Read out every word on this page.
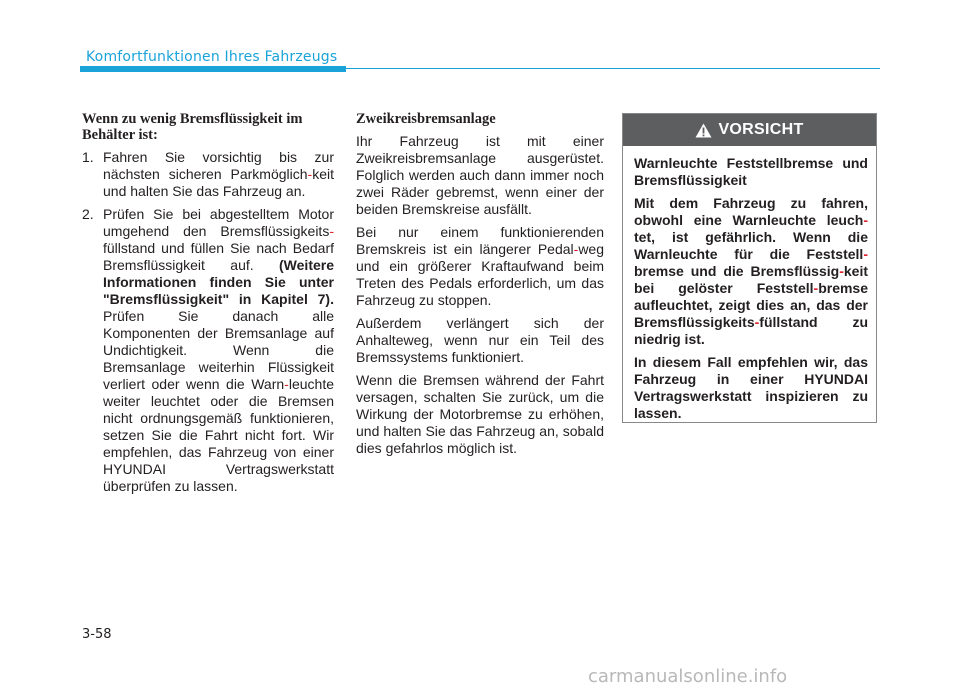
Komfortfunktionen Ihres Fahrzeugs
Wenn zu wenig Bremsflüssigkeit im Behälter ist:
1. Fahren Sie vorsichtig bis zur nächsten sicheren Parkmöglich-keit und halten Sie das Fahrzeug an.
2. Prüfen Sie bei abgestelltem Motor umgehend den Bremsflüssigkeits-füllstand und füllen Sie nach Bedarf Bremsflüssigkeit auf. (Weitere Informationen finden Sie unter "Bremsflüssigkeit" in Kapitel 7). Prüfen Sie danach alle Komponenten der Bremsanlage auf Undichtigkeit. Wenn die Bremsanlage weiterhin Flüssigkeit verliert oder wenn die Warn-leuchte weiter leuchtet oder die Bremsen nicht ordnungsgemäß funktionieren, setzen Sie die Fahrt nicht fort. Wir empfehlen, das Fahrzeug von einer HYUNDAI Vertragswerkstatt überprüfen zu lassen.
Zweikreisbremsanlage

Ihr Fahrzeug ist mit einer Zweikreisbremsanlage ausgerüstet. Folglich werden auch dann immer noch zwei Räder gebremst, wenn einer der beiden Bremskreise ausfällt.

Bei nur einem funktionierenden Bremskreis ist ein längerer Pedal-weg und ein größerer Kraftaufwand beim Treten des Pedals erforderlich, um das Fahrzeug zu stoppen.

Außerdem verlängert sich der Anhalteweg, wenn nur ein Teil des Bremssystems funktioniert.

Wenn die Bremsen während der Fahrt versagen, schalten Sie zurück, um die Wirkung der Motorbremse zu erhöhen, und halten Sie das Fahrzeug an, sobald dies gefahrlos möglich ist.

VORSICHT

Warnleuchte Feststellbremse und Bremsflüssigkeit

Mit dem Fahrzeug zu fahren, obwohl eine Warnleuchte leuch-tet, ist gefährlich. Wenn die Warnleuchte für die Feststell-bremse und die Bremsflüssig-keit bei gelöster Feststell-bremse aufleuchtet, zeigt dies an, das der Bremsflüssigkeits-füllstand zu niedrig ist.

In diesem Fall empfehlen wir, das Fahrzeug in einer HYUNDAI Vertragswerkstatt inspizieren zu lassen.

3-58
carmanualsonline.info
